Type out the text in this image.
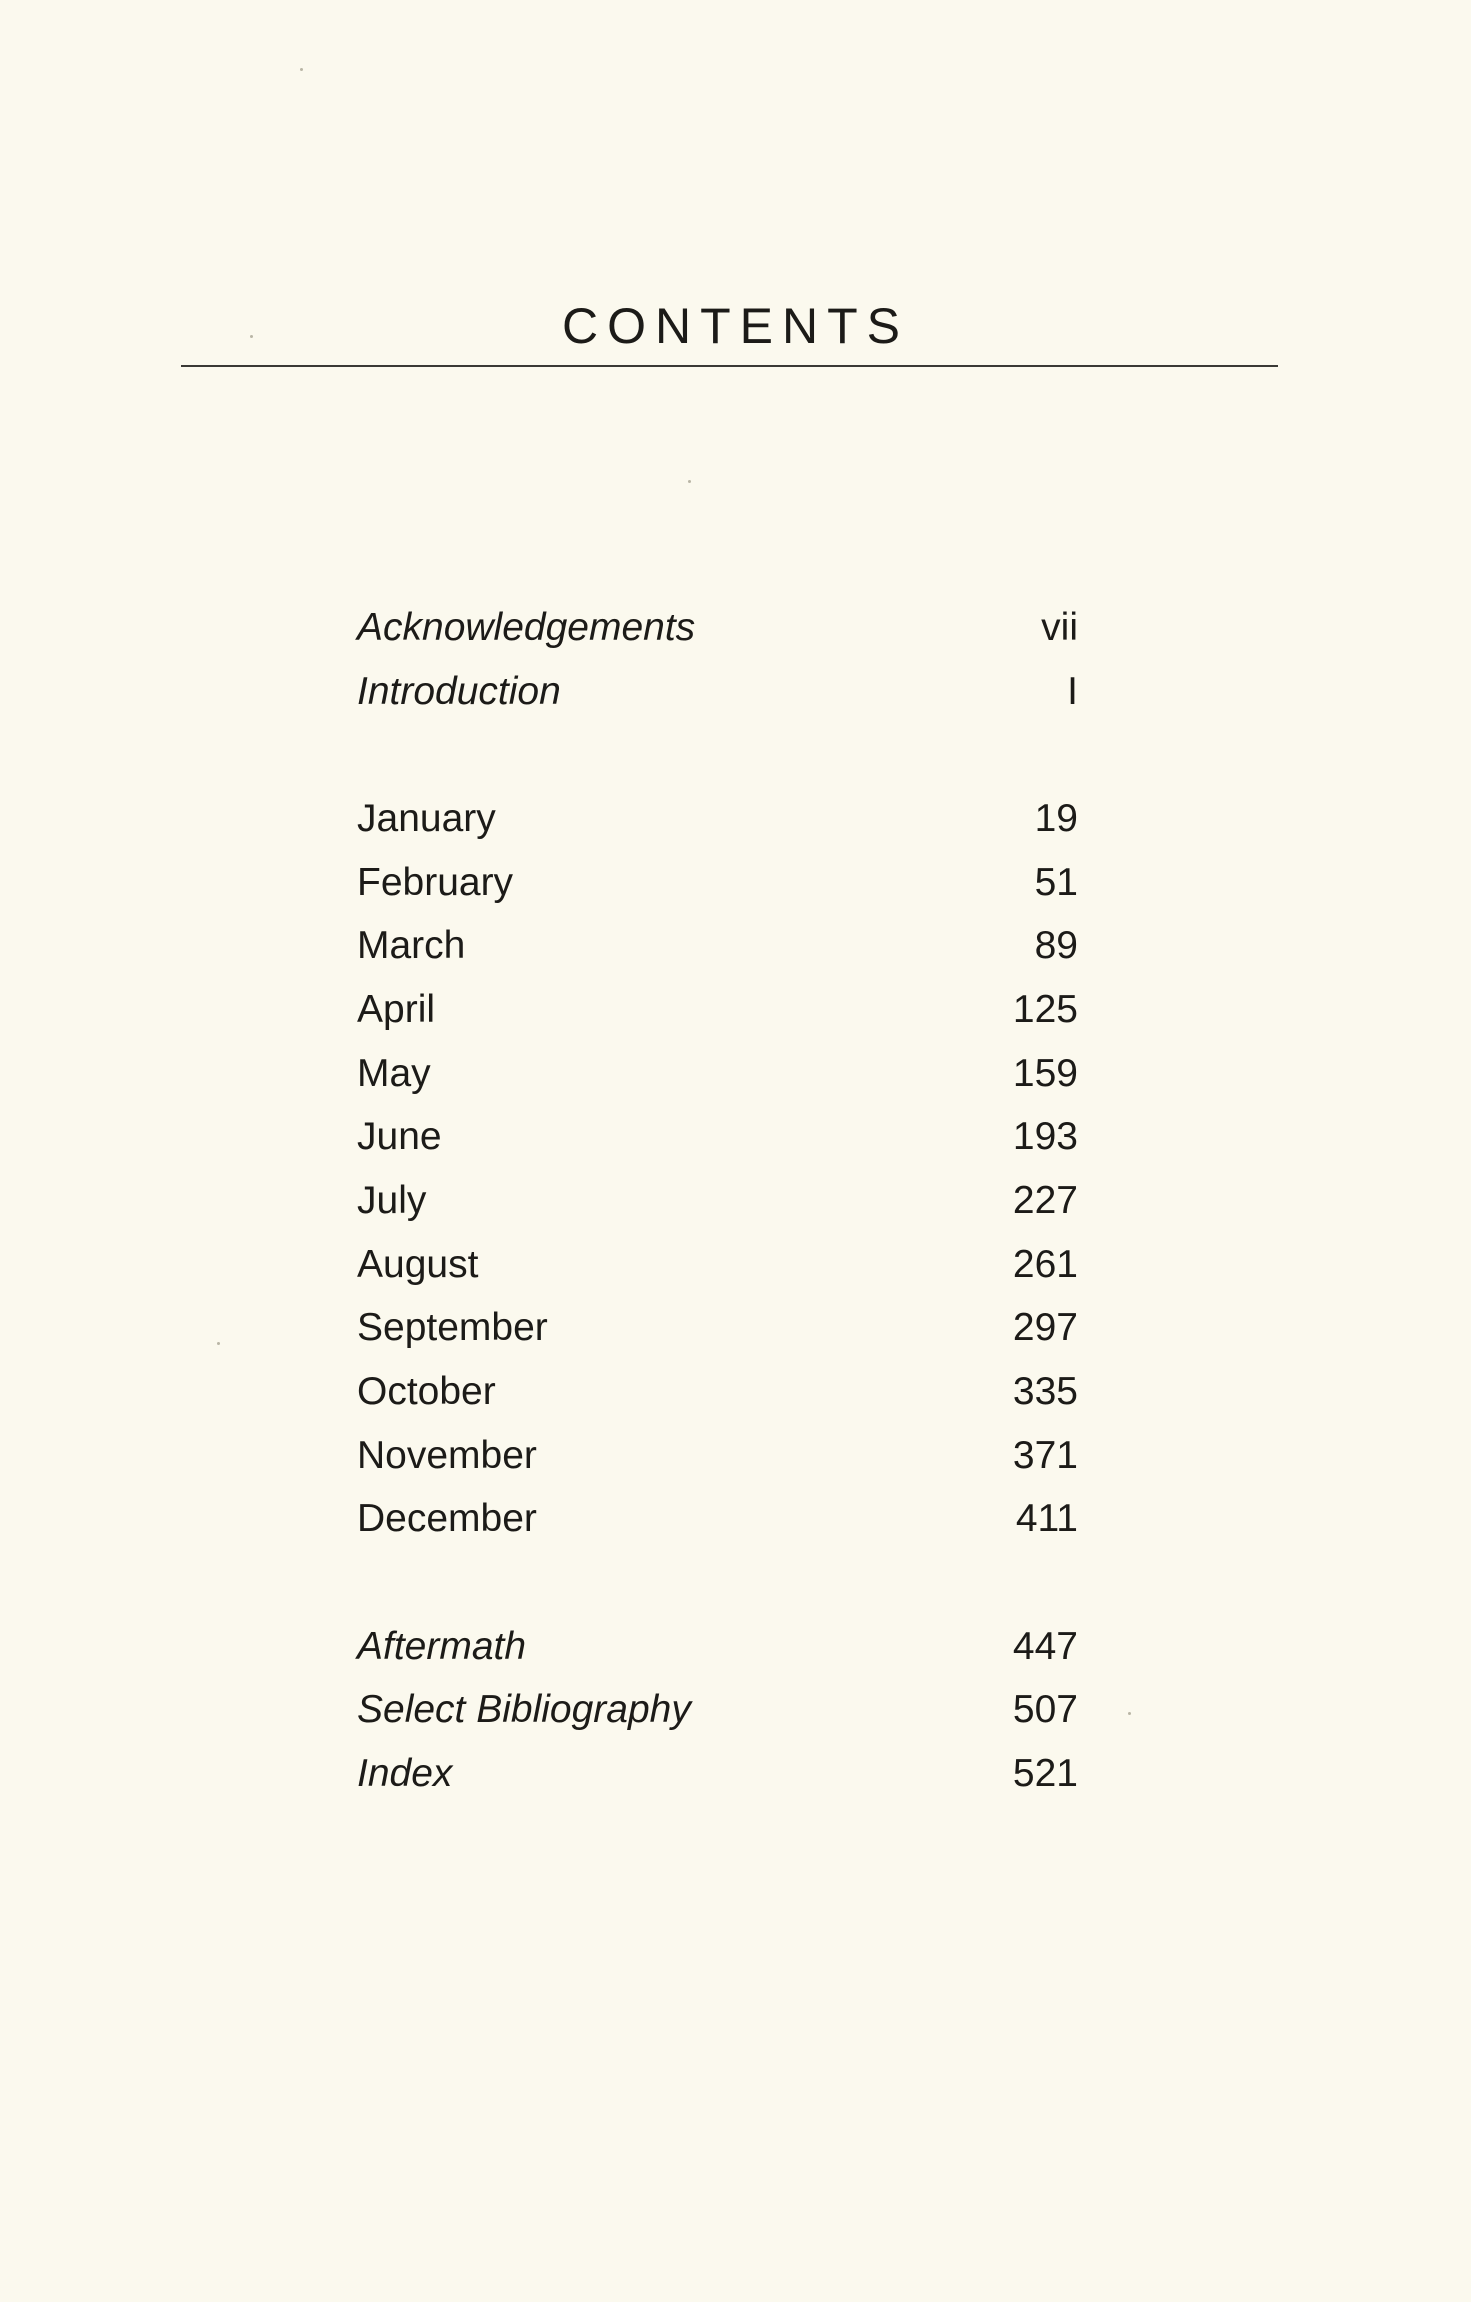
CONTENTS
Acknowledgements	vii
Introduction	I
January	19
February	51
March	89
April	125
May	159
June	193
July	227
August	261
September	297
October	335
November	371
December	411
Aftermath	447
Select Bibliography	507
Index	521
